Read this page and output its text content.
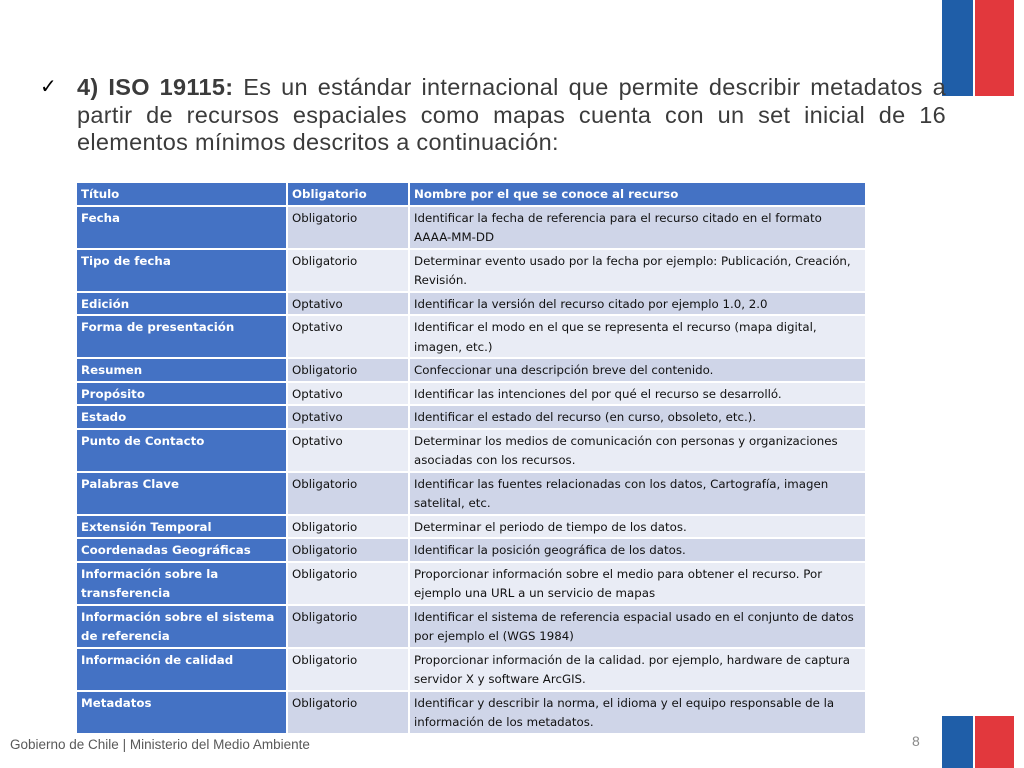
✓ 4) ISO 19115: Es un estándar internacional que permite describir metadatos a partir de recursos espaciales como mapas cuenta con un set inicial de 16 elementos mínimos descritos a continuación:
Título	Obligatorio	Nombre por el que se conoce al recurso
Fecha	Obligatorio	Identificar la fecha de referencia para el recurso citado en el formato AAAA-MM-DD
Tipo de fecha	Obligatorio	Determinar evento usado por la fecha por ejemplo: Publicación, Creación, Revisión.
Edición	Optativo	Identificar la versión del recurso citado por ejemplo 1.0, 2.0
Forma de presentación	Optativo	Identificar el modo en el que se representa el recurso (mapa digital, imagen, etc.)
Resumen	Obligatorio	Confeccionar una descripción breve del contenido.
Propósito	Optativo	Identificar las intenciones del por qué el recurso se desarrolló.
Estado	Optativo	Identificar el estado del recurso (en curso, obsoleto, etc.).
Punto de Contacto	Optativo	Determinar los medios de comunicación con personas y organizaciones asociadas con los recursos.
Palabras Clave	Obligatorio	Identificar las fuentes relacionadas con los datos, Cartografía, imagen satelital, etc.
Extensión Temporal	Obligatorio	Determinar el periodo de tiempo de los datos.
Coordenadas Geográficas	Obligatorio	Identificar la posición geográfica de los datos.
Información sobre la transferencia	Obligatorio	Proporcionar información sobre el medio para obtener el recurso. Por ejemplo una URL a un servicio de mapas
Información sobre el sistema de referencia	Obligatorio	Identificar el sistema de referencia espacial usado en el conjunto de datos por ejemplo el (WGS 1984)
Información de calidad	Obligatorio	Proporcionar información de la calidad. por ejemplo, hardware de captura servidor X y software ArcGIS.
Metadatos	Obligatorio	Identificar y describir la norma, el idioma y el equipo responsable de la información de los metadatos.
Gobierno de Chile | Ministerio del Medio Ambiente	8
